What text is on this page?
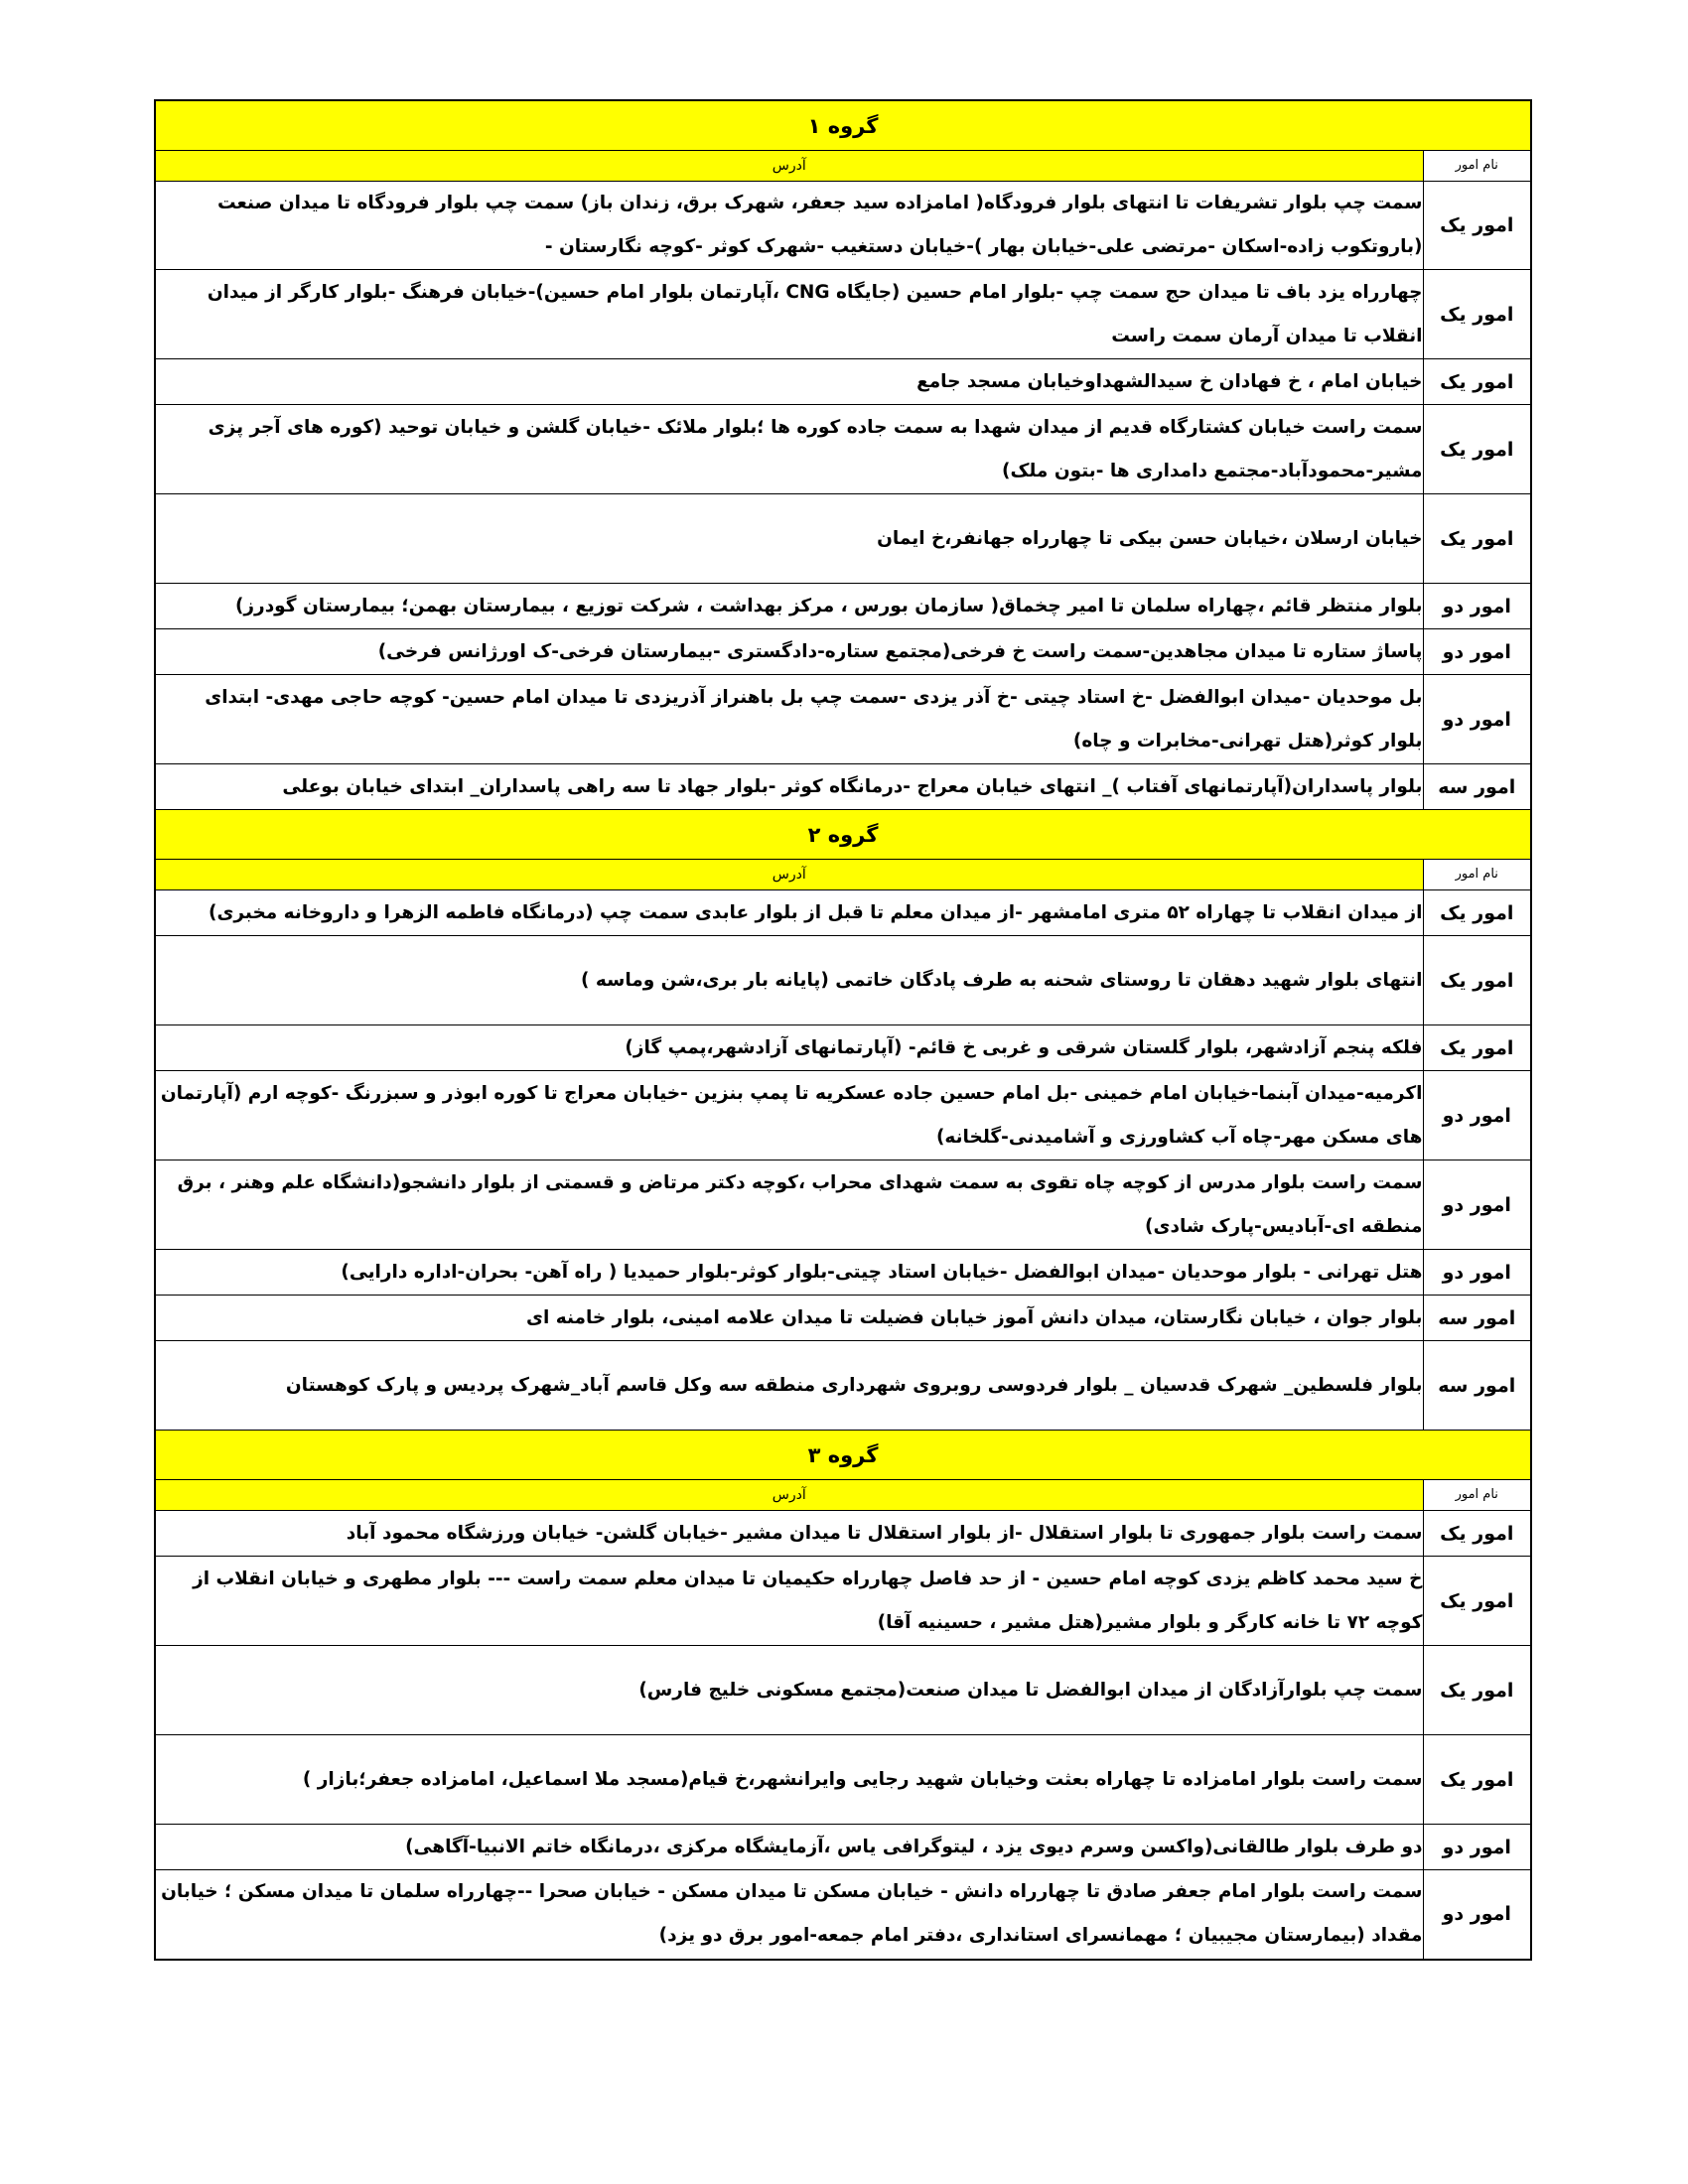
گروه ۱	
نام امور	آدرس
امور یک	سمت چپ بلوار تشریفات تا انتهای بلوار فرودگاه( امامزاده سید جعفر، شهرک برق، زندان باز) سمت چپ بلوار فرودگاه تا میدان صنعت (باروتکوب زاده-اسکان -مرتضی علی-خیابان بهار )-خیابان دستغیب -شهرک کوثر -کوچه نگارستان -
امور یک	چهارراه یزد باف تا میدان حج سمت چپ -بلوار امام حسین (جایگاه CNG ،آپارتمان بلوار امام حسین)-خیابان فرهنگ -بلوار کارگر از میدان انقلاب تا میدان آرمان سمت راست
امور یک	خیابان امام ، خ فهادان خ سیدالشهداوخیابان مسجد جامع
امور یک	سمت راست خیابان کشتارگاه قدیم از میدان شهدا به سمت جاده کوره ها ؛بلوار ملائک -خیابان گلشن و خیابان توحید (کوره های آجر پزی مشیر-محمودآباد-مجتمع دامداری ها -بتون ملک)
امور یک	خیابان ارسلان ،خیابان حسن بیکی تا چهارراه جهانفر،خ ایمان
امور دو	بلوار منتظر قائم ،چهاراه سلمان تا امیر چخماق( سازمان بورس ، مرکز بهداشت ، شرکت توزیع ، بیمارستان بهمن؛ بیمارستان گودرز)
امور دو	پاساژ ستاره تا میدان مجاهدین-سمت راست خ فرخی(مجتمع ستاره-دادگستری -بیمارستان فرخی-ک اورژانس فرخی)
امور دو	بل موحدیان -میدان ابوالفضل -خ استاد چیتی -خ آذر یزدی -سمت چپ بل باهنراز آذریزدی تا میدان امام حسین- کوچه حاجی مهدی- ابتدای بلوار کوثر(هتل تهرانی-مخابرات و چاه)
امور سه	بلوار پاسداران(آپارتمانهای آفتاب )_ انتهای خیابان معراج -درمانگاه کوثر -بلوار جهاد تا سه راهی پاسداران_ ابتدای خیابان بوعلی
گروه ۲	
نام امور	آدرس
امور یک	از میدان انقلاب تا چهاراه ۵۲ متری امامشهر -از میدان معلم تا قبل از بلوار عابدی سمت چپ (درمانگاه فاطمه الزهرا و داروخانه مخبری)
امور یک	انتهای بلوار شهید دهقان تا روستای شحنه به طرف پادگان خاتمی (پایانه بار بری،شن وماسه )
امور یک	فلکه پنجم آزادشهر، بلوار گلستان شرقی و غربی خ قائم- (آپارتمانهای آزادشهر،پمپ گاز)
امور دو	اکرمیه-میدان آبنما-خیابان امام خمینی -بل امام حسین جاده عسکریه تا پمپ بنزین -خیابان معراج تا کوره ابوذر و سبزرنگ -کوچه ارم (آپارتمان های مسکن مهر-چاه آب کشاورزی و آشامیدنی-گلخانه)
امور دو	سمت راست بلوار مدرس از کوچه چاه تقوی به سمت شهدای محراب ،کوچه دکتر مرتاض و قسمتی از بلوار دانشجو(دانشگاه علم وهنر ، برق منطقه ای-آبادیس-پارک شادی)
امور دو	هتل تهرانی - بلوار موحدیان -میدان ابوالفضل -خیابان استاد چیتی-بلوار کوثر-بلوار حمیدیا ( راه آهن- بحران-اداره دارایی)
امور سه	بلوار جوان ، خیابان نگارستان، میدان دانش آموز خیابان فضیلت تا میدان علامه امینی، بلوار خامنه ای
امور سه	بلوار فلسطین_ شهرک قدسیان _ بلوار فردوسی روبروی شهرداری منطقه سه وکل قاسم آباد_شهرک پردیس و پارک کوهستان
گروه ۳	
نام امور	آدرس
امور یک	سمت راست بلوار جمهوری تا بلوار استقلال -از بلوار استقلال تا میدان مشیر -خیابان گلشن- خیابان ورزشگاه محمود آباد
امور یک	خ سید محمد کاظم یزدی کوچه امام حسین - از حد فاصل چهارراه حکیمیان تا میدان معلم سمت راست --- بلوار مطهری و خیابان انقلاب از کوچه ۷۲ تا خانه کارگر و بلوار مشیر(هتل مشیر ، حسینیه آقا)
امور یک	سمت چپ بلوارآزادگان از میدان ابوالفضل تا میدان صنعت(مجتمع مسکونی خلیج فارس)
امور یک	سمت راست بلوار امامزاده تا چهاراه بعثت وخیابان شهید رجایی وایرانشهر،خ قیام(مسجد ملا اسماعیل، امامزاده جعفر؛بازار )
امور دو	دو طرف بلوار طالقانی(واکسن وسرم دیوی یزد ، لیتوگرافی یاس ،آزمایشگاه مرکزی ،درمانگاه خاتم الانبیا-آگاهی)
امور دو	سمت راست بلوار امام جعفر صادق تا چهارراه دانش - خیابان مسکن تا میدان مسکن - خیابان صحرا --چهارراه سلمان تا میدان مسکن ؛ خیابان مقداد (بیمارستان مجیبیان ؛ مهمانسرای استانداری ،دفتر امام جمعه-امور برق دو یزد)
